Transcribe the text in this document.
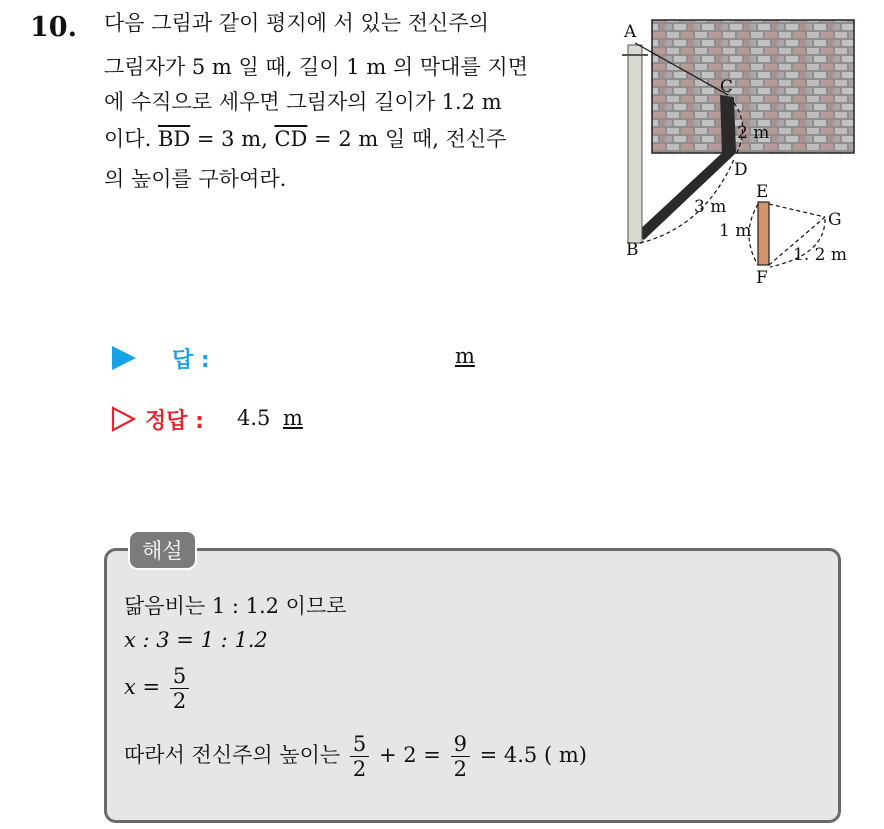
10. 다음 그림과 같이 평지에 서 있는 전신주의
그림자가 5 m 일 때, 길이 1 m 의 막대를 지면
에 수직으로 세우면 그림자의 길이가 1.2 m
이다. $\overline{BD} = 3$ m, $\overline{CD} = 2$ m 일 때, 전신주
의 높이를 구하여라.
A
C
2 m
D
E
3 m
G
1 m
B	1. 2 m
F
답 :	m
정답 : 4.5 m
해설
닮음비는 1 : 1.2 이므로
x : 3 = 1 : 1.2
$x = \frac{5}{2}$
따라서 전신주의 높이는 $\frac{5}{2} + 2 = \frac{9}{2} = 4.5$ ( m)
